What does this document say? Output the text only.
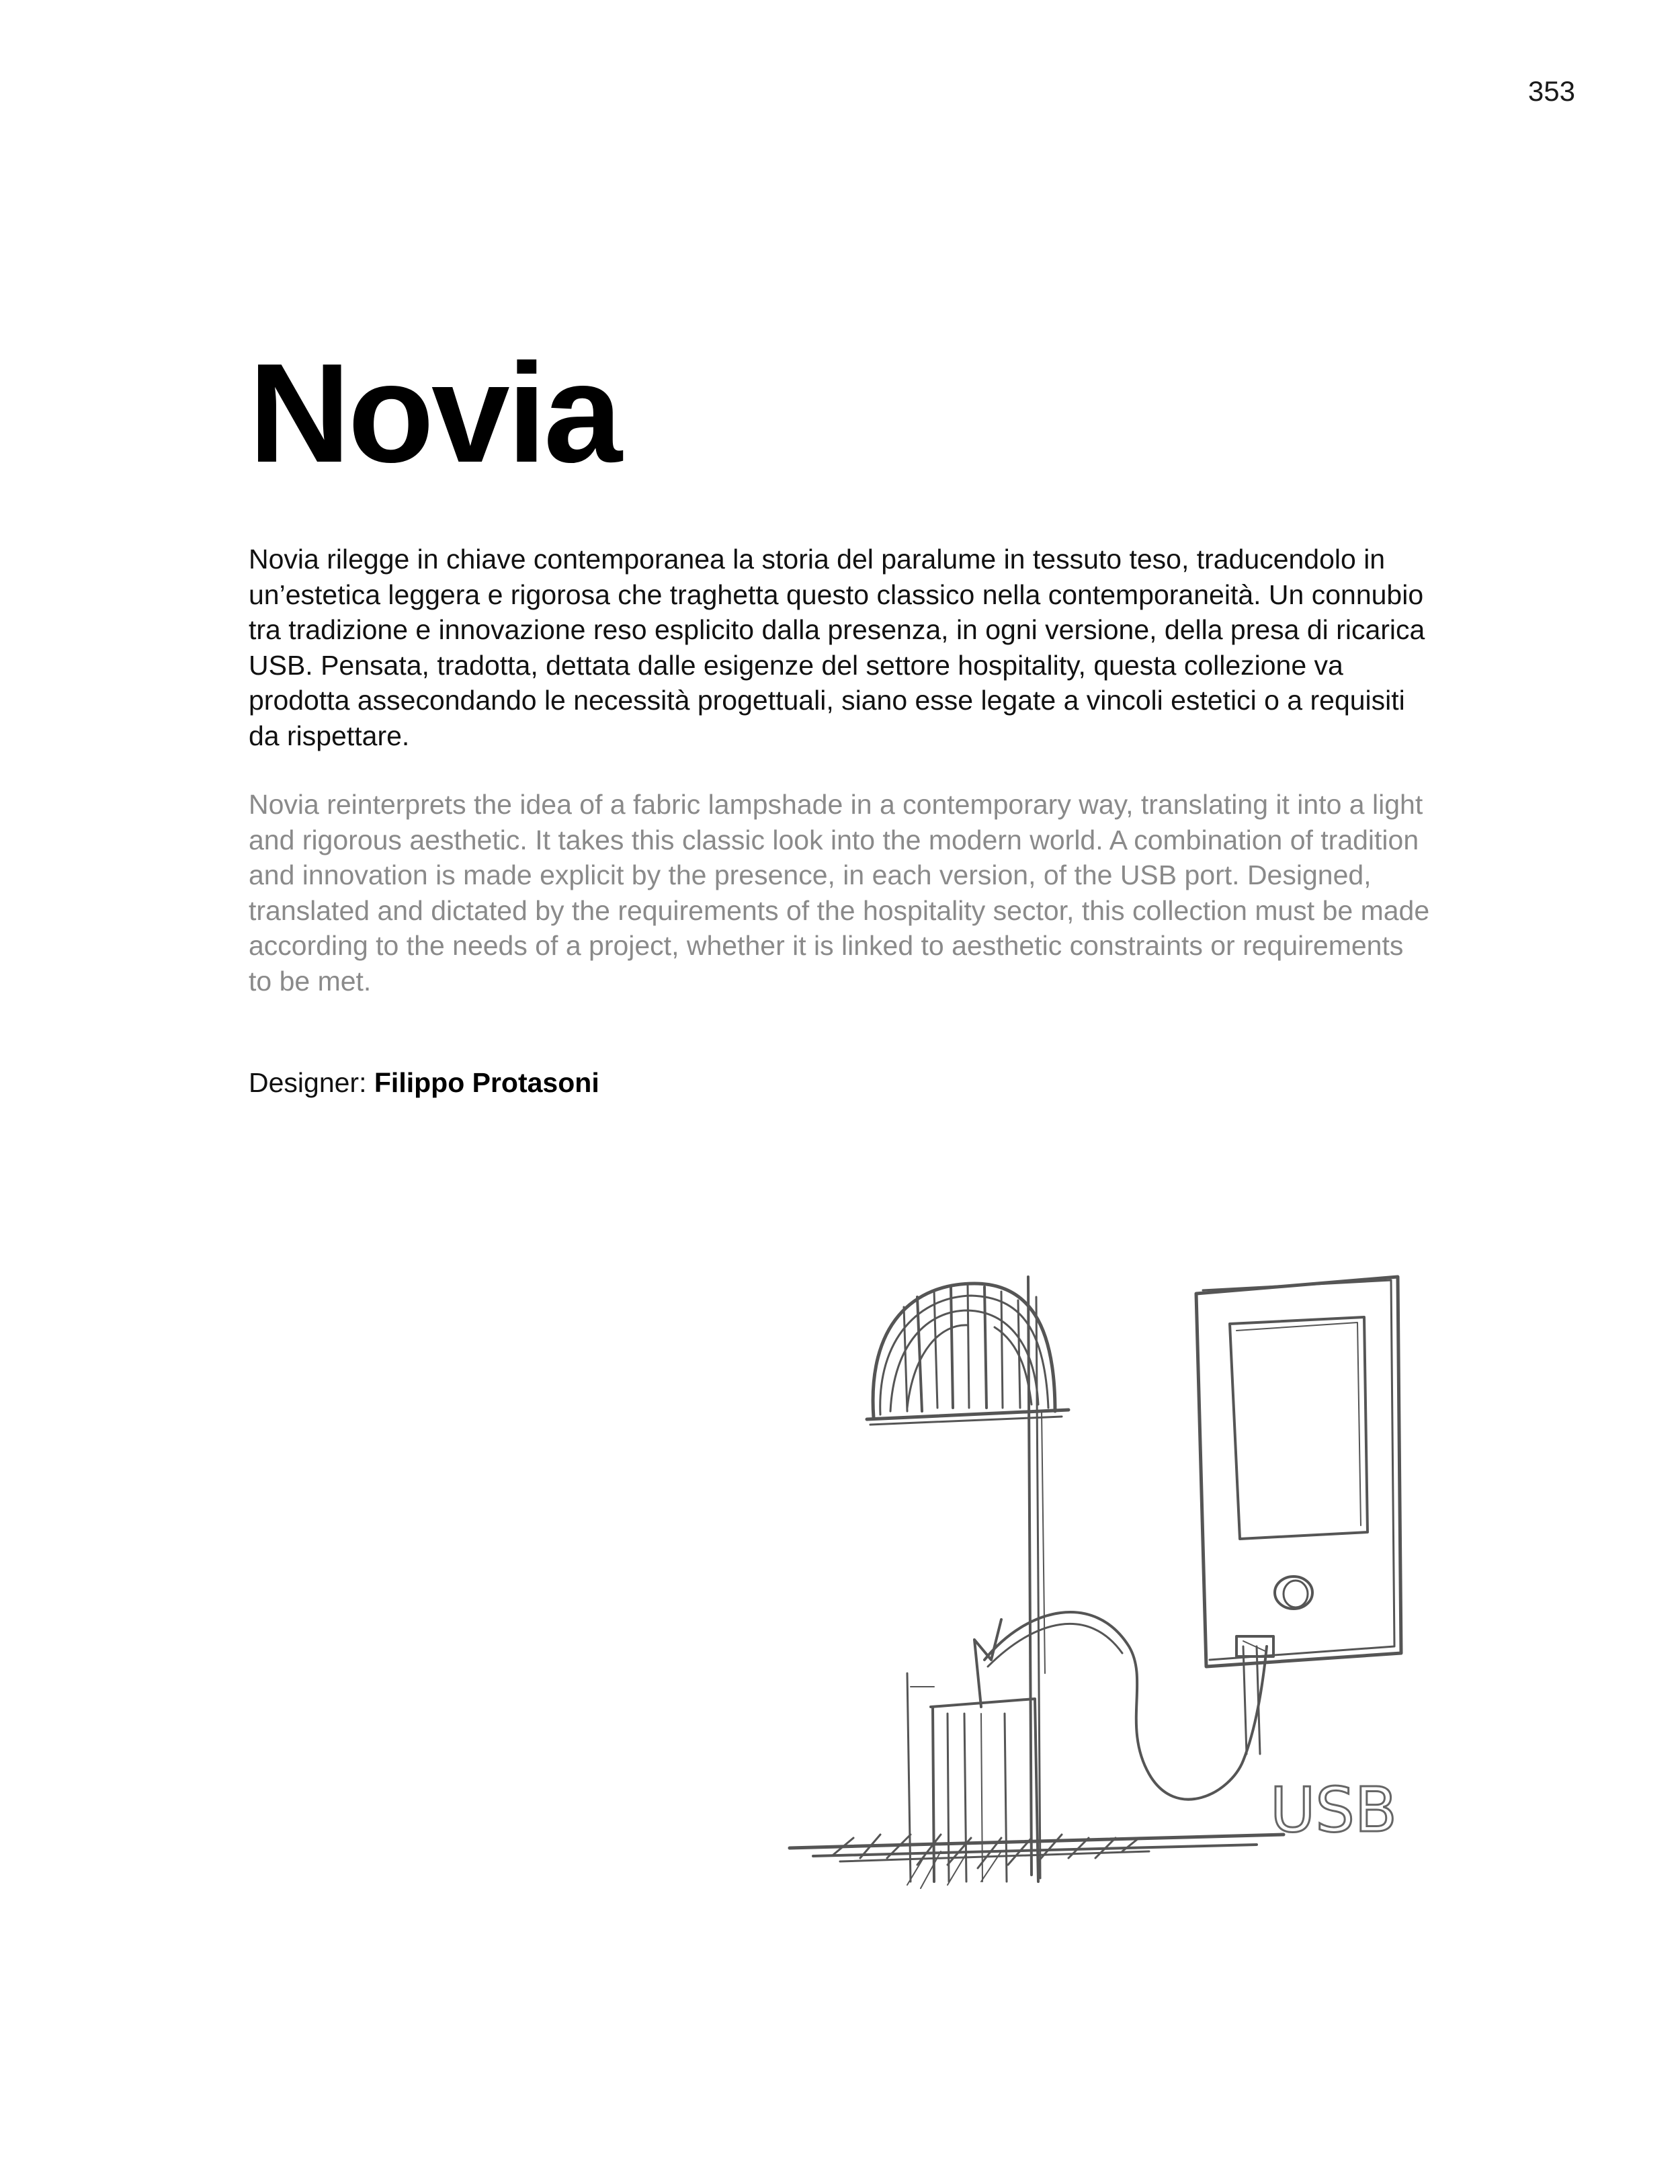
353
Novia

Novia rilegge in chiave contemporanea la storia del paralume in tessuto teso, traducendolo in un’estetica leggera e rigorosa che traghetta questo classico nella contemporaneità. Un connubio tra tradizione e innovazione reso esplicito dalla presenza, in ogni versione, della presa di ricarica USB. Pensata, tradotta, dettata dalle esigenze del settore hospitality, questa collezione va prodotta assecondando le necessità progettuali, siano esse legate a vincoli estetici o a requisiti da rispettare.

Novia reinterprets the idea of a fabric lampshade in a contemporary way, translating it into a light and rigorous aesthetic. It takes this classic look into the modern world. A combination of tradition and innovation is made explicit by the presence, in each version, of the USB port. Designed, translated and dictated by the requirements of the hospitality sector, this collection must be made according to the needs of a project, whether it is linked to aesthetic constraints or requirements to be met.

Designer: Filippo Protasoni

USB
